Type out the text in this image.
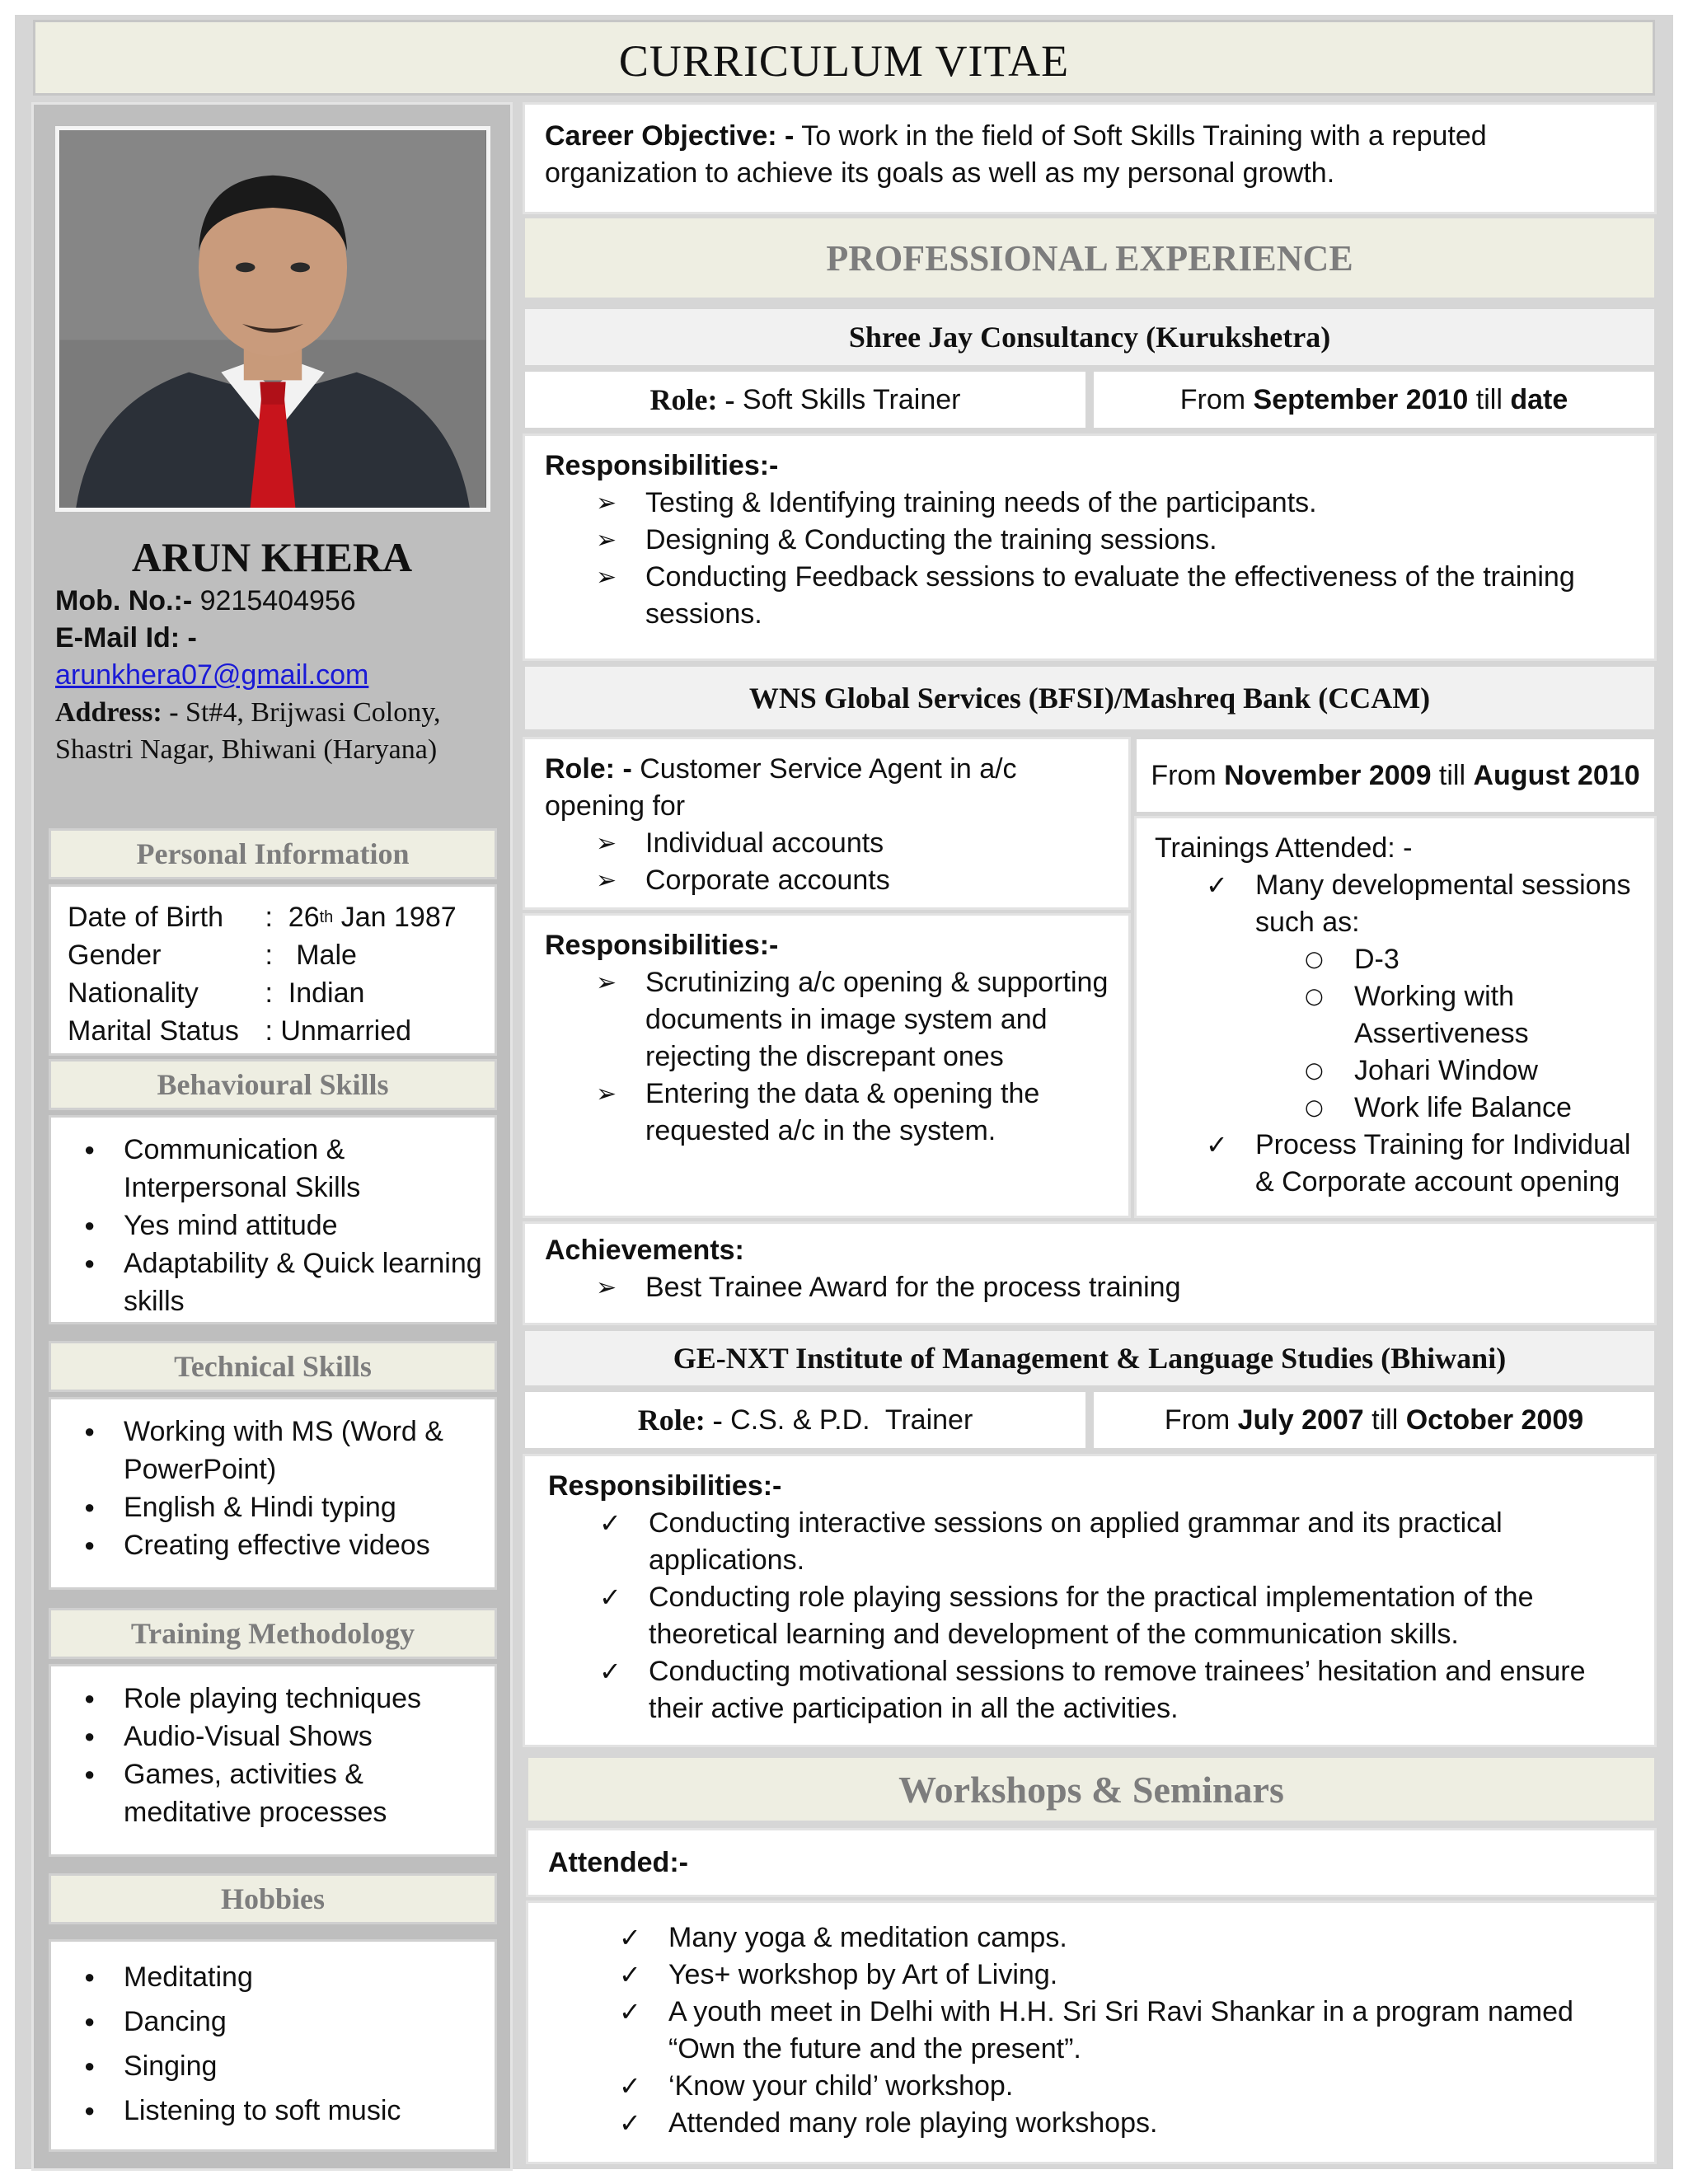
CURRICULUM VITAE
ARUN KHERA
Mob. No.:- 9215404956
E-Mail Id: -
arunkhera07@gmail.com
Address: - St#4, Brijwasi Colony,
Shastri Nagar, Bhiwani (Haryana)
Personal Information
Date of Birth	: 26 th Jan 1987
Gender	: Male
Nationality	: Indian
Marital Status : Unmarried
Behavioural Skills
● Communication & Interpersonal Skills
● Yes mind attitude
● Adaptability & Quick learning skills
Technical Skills
● Working with MS (Word & PowerPoint)
● English & Hindi typing
● Creating effective videos
Training Methodology
● Role playing techniques
● Audio-Visual Shows
● Games, activities & meditative processes
Hobbies
● Meditating
● Dancing
● Singing
● Listening to soft music
Career Objective: - To work in the field of Soft Skills Training with a reputed organization to achieve its goals as well as my personal growth.
PROFESSIONAL EXPERIENCE
Shree Jay Consultancy (Kurukshetra)
Role: - Soft Skills Trainer	From September 2010 till date
Responsibilities:-
➢ Testing & Identifying training needs of the participants.
➢ Designing & Conducting the training sessions.
➢ Conducting Feedback sessions to evaluate the effectiveness of the training sessions.
WNS Global Services (BFSI)/Mashreq Bank (CCAM)
Role: - Customer Service Agent in a/c opening for
➢ Individual accounts
➢ Corporate accounts
Responsibilities:-
➢ Scrutinizing a/c opening & supporting documents in image system and rejecting the discrepant ones
➢ Entering the data & opening the requested a/c in the system.
From November 2009 till August 2010
Trainings Attended: -
✓ Many developmental sessions such as:
○ D-3
○ Working with Assertiveness
○ Johari Window
○ Work life Balance
✓ Process Training for Individual & Corporate account opening
Achievements:
➢ Best Trainee Award for the process training
GE-NXT Institute of Management & Language Studies (Bhiwani)
Role: - C.S. & P.D.  Trainer	From July 2007 till October 2009
Responsibilities:-
✓ Conducting interactive sessions on applied grammar and its practical applications.
✓ Conducting role playing sessions for the practical implementation of the theoretical learning and development of the communication skills.
✓ Conducting motivational sessions to remove trainees’ hesitation and ensure their active participation in all the activities.
Workshops & Seminars
Attended:-
✓ Many yoga & meditation camps.
✓ Yes+ workshop by Art of Living.
✓ A youth meet in Delhi with H.H. Sri Sri Ravi Shankar in a program named “Own the future and the present”.
✓ ‘Know your child’ workshop.
✓ Attended many role playing workshops.
